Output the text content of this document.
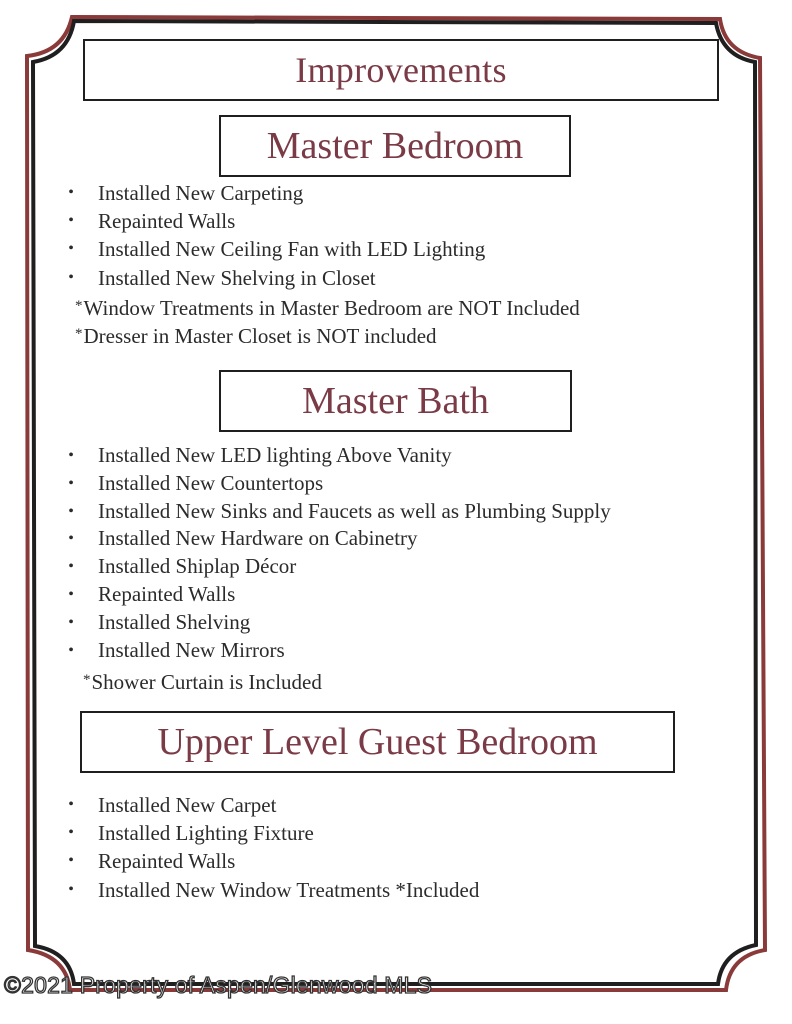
Improvements
Master Bedroom
• Installed New Carpeting
• Repainted Walls
• Installed New Ceiling Fan with LED Lighting
• Installed New Shelving in Closet
*Window Treatments in Master Bedroom are NOT Included
*Dresser in Master Closet is NOT included
Master Bath
• Installed New LED lighting Above Vanity
• Installed New Countertops
• Installed New Sinks and Faucets as well as Plumbing Supply
• Installed New Hardware on Cabinetry
• Installed Shiplap Décor
• Repainted Walls
• Installed Shelving
• Installed New Mirrors
*Shower Curtain is Included
Upper Level Guest Bedroom
• Installed New Carpet
• Installed Lighting Fixture
• Repainted Walls
• Installed New Window Treatments *Included
©2021 Property of Aspen/Glenwood MLS
